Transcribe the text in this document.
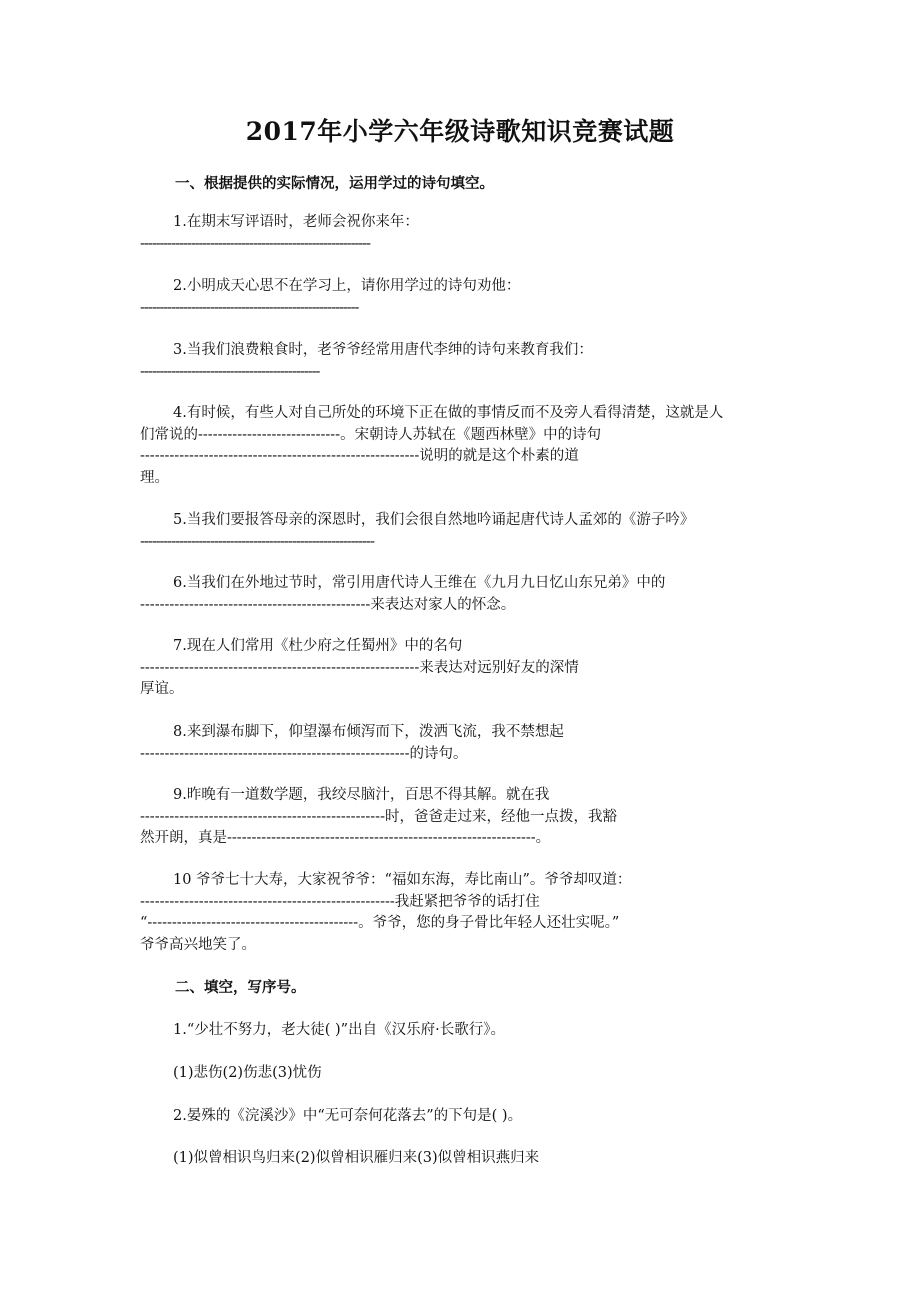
2017年小学六年级诗歌知识竞赛试题
一、根据提供的实际情况，运用学过的诗句填空。
1.在期末写评语时，老师会祝你来年：
-----------------------------------------------------------
2.小明成天心思不在学习上，请你用学过的诗句劝他：
--------------------------------------------------------
3.当我们浪费粮食时，老爷爷经常用唐代李绅的诗句来教育我们：
----------------------------------------------
4.有时候，有些人对自己所处的环境下正在做的事情反而不及旁人看得清楚，这就是人
们常说的-----------------------------。宋朝诗人苏轼在《题西林壁》中的诗句
---------------------------------------------------------说明的就是这个朴素的道
理。
5.当我们要报答母亲的深恩时，我们会很自然地吟诵起唐代诗人孟郊的《游子吟》
------------------------------------------------------------
6.当我们在外地过节时，常引用唐代诗人王维在《九月九日忆山东兄弟》中的
-----------------------------------------------来表达对家人的怀念。
7.现在人们常用《杜少府之任蜀州》中的名句
---------------------------------------------------------来表达对远别好友的深情
厚谊。
8.来到瀑布脚下，仰望瀑布倾泻而下，泼洒飞流，我不禁想起
-------------------------------------------------------的诗句。
9.昨晚有一道数学题，我绞尽脑汁，百思不得其解。就在我
--------------------------------------------------时，爸爸走过来，经他一点拨，我豁
然开朗，真是---------------------------------------------------------------。
10 爷爷七十大寿，大家祝爷爷：“福如东海，寿比南山”。爷爷却叹道：
----------------------------------------------------我赶紧把爷爷的话打住
“-------------------------------------------。爷爷，您的身子骨比年轻人还壮实呢。”
爷爷高兴地笑了。
二、填空，写序号。
1.“少壮不努力，老大徒( )”出自《汉乐府·长歌行》。
(1)悲伤(2)伤悲(3)忧伤
2.晏殊的《浣溪沙》中“无可奈何花落去”的下句是( )。
(1)似曾相识鸟归来(2)似曾相识雁归来(3)似曾相识燕归来
